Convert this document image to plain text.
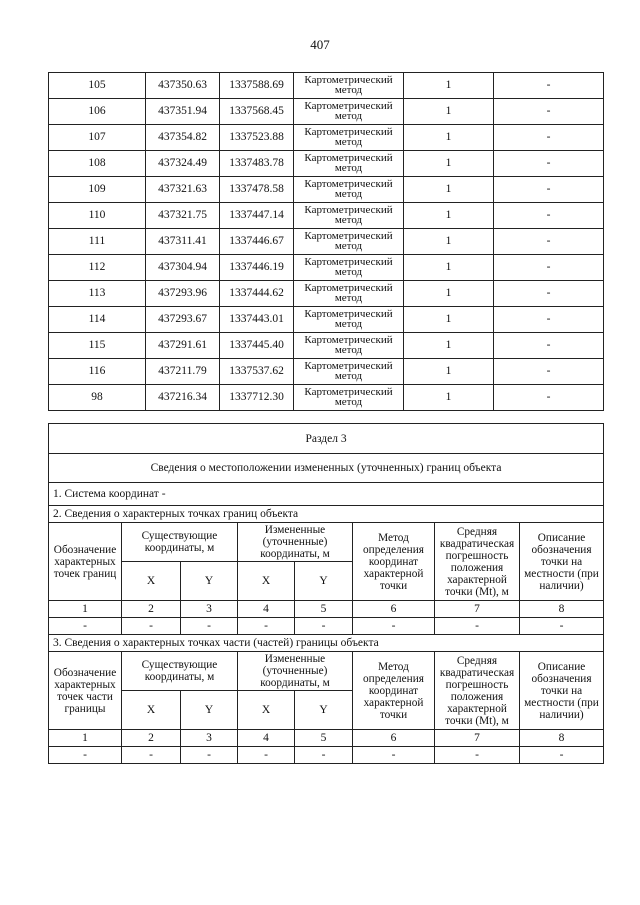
407
105	437350.63	1337588.69	Картометрический метод	1	-
106	437351.94	1337568.45	Картометрический метод	1	-
107	437354.82	1337523.88	Картометрический метод	1	-
108	437324.49	1337483.78	Картометрический метод	1	-
109	437321.63	1337478.58	Картометрический метод	1	-
110	437321.75	1337447.14	Картометрический метод	1	-
111	437311.41	1337446.67	Картометрический метод	1	-
112	437304.94	1337446.19	Картометрический метод	1	-
113	437293.96	1337444.62	Картометрический метод	1	-
114	437293.67	1337443.01	Картометрический метод	1	-
115	437291.61	1337445.40	Картометрический метод	1	-
116	437211.79	1337537.62	Картометрический метод	1	-
98	437216.34	1337712.30	Картометрический метод	1	-
Раздел 3							
Сведения о местоположении измененных (уточненных) границ объекта							
1. Система координат -							
2. Сведения о характерных точках границ объекта							
Обозначение характерных точек границ	Существующие координаты, м		Измененные (уточненные) координаты, м		Метод определения координат характерной точки	Средняя квадратическая погрешность положения характерной точки (Mt), м	Описание обозначения точки на местности (при наличии)
	X	Y	X	Y			
1	2	3	4	5	6	7	8
-	-	-	-	-	-	-	-
3. Сведения о характерных точках части (частей) границы объекта							
Обозначение характерных точек части границы	Существующие координаты, м		Измененные (уточненные) координаты, м		Метод определения координат характерной точки	Средняя квадратическая погрешность положения характерной точки (Mt), м	Описание обозначения точки на местности (при наличии)
	X	Y	X	Y			
1	2	3	4	5	6	7	8
-	-	-	-	-	-	-	-
